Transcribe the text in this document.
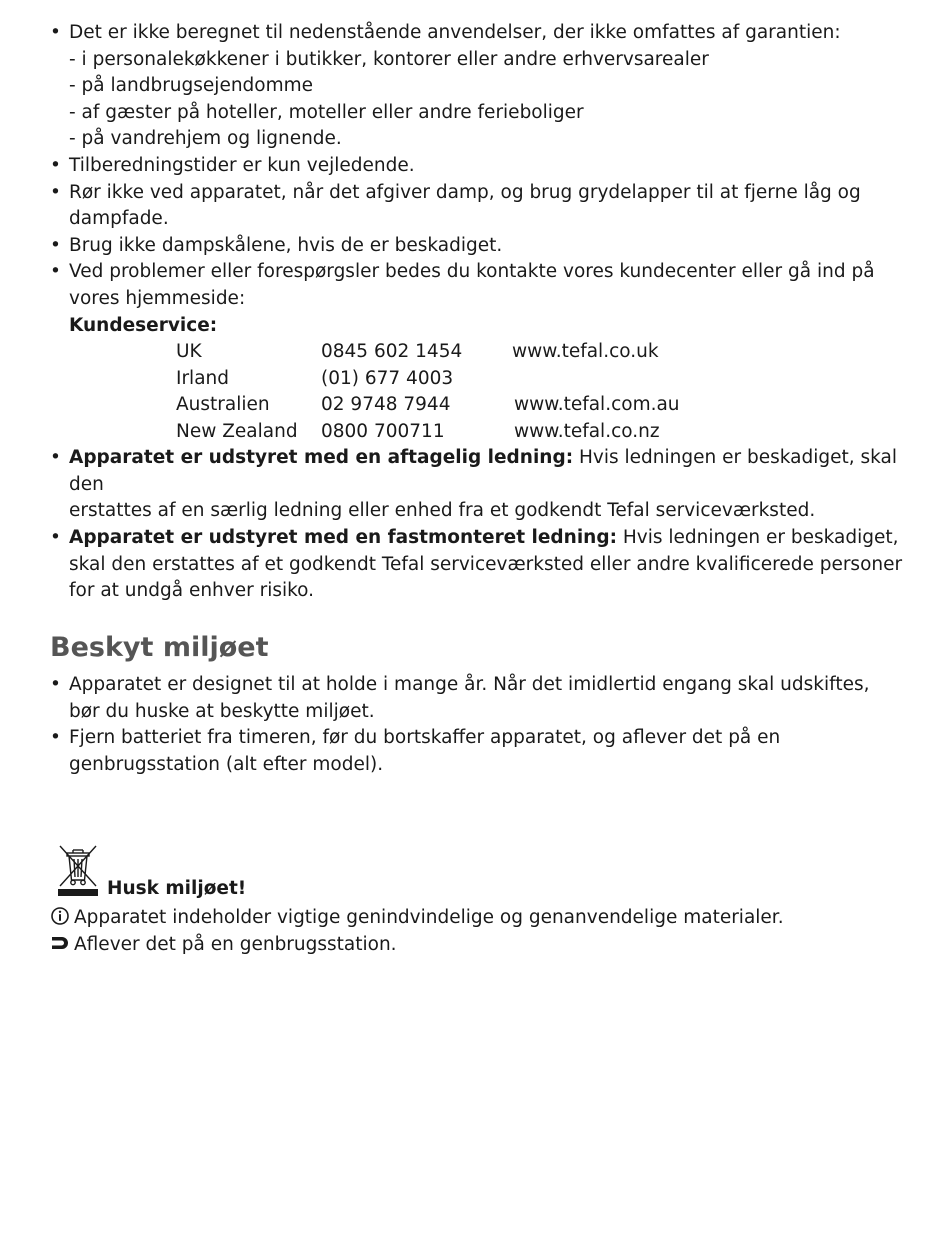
• Det er ikke beregnet til nedenstående anvendelser, der ikke omfattes af garantien:
- i personalekøkkener i butikker, kontorer eller andre erhvervsarealer
- på landbrugsejendomme
- af gæster på hoteller, moteller eller andre ferieboliger
- på vandrehjem og lignende.
• Tilberedningstider er kun vejledende.
• Rør ikke ved apparatet, når det afgiver damp, og brug grydelapper til at fjerne låg og
dampfade.
• Brug ikke dampskålene, hvis de er beskadiget.
• Ved problemer eller forespørgsler bedes du kontakte vores kundecenter eller gå ind på
vores hjemmeside:
Kundeservice:
UK	0845 602 1454	www.tefal.co.uk
Irland	(01) 677 4003
Australien	02 9748 7944	www.tefal.com.au
New Zealand 0800 700711	www.tefal.co.nz
• Apparatet er udstyret med en aftagelig ledning: Hvis ledningen er beskadiget, skal den
erstattes af en særlig ledning eller enhed fra et godkendt Tefal serviceværksted.
• Apparatet er udstyret med en fastmonteret ledning: Hvis ledningen er beskadiget,
skal den erstattes af et godkendt Tefal serviceværksted eller andre kvalificerede personer
for at undgå enhver risiko.
Beskyt miljøet
• Apparatet er designet til at holde i mange år. Når det imidlertid engang skal udskiftes,
bør du huske at beskytte miljøet.
• Fjern batteriet fra timeren, før du bortskaffer apparatet, og aflever det på en
genbrugsstation (alt efter model).
Husk miljøet!
Apparatet indeholder vigtige genindvindelige og genanvendelige materialer.
Aflever det på en genbrugsstation.
